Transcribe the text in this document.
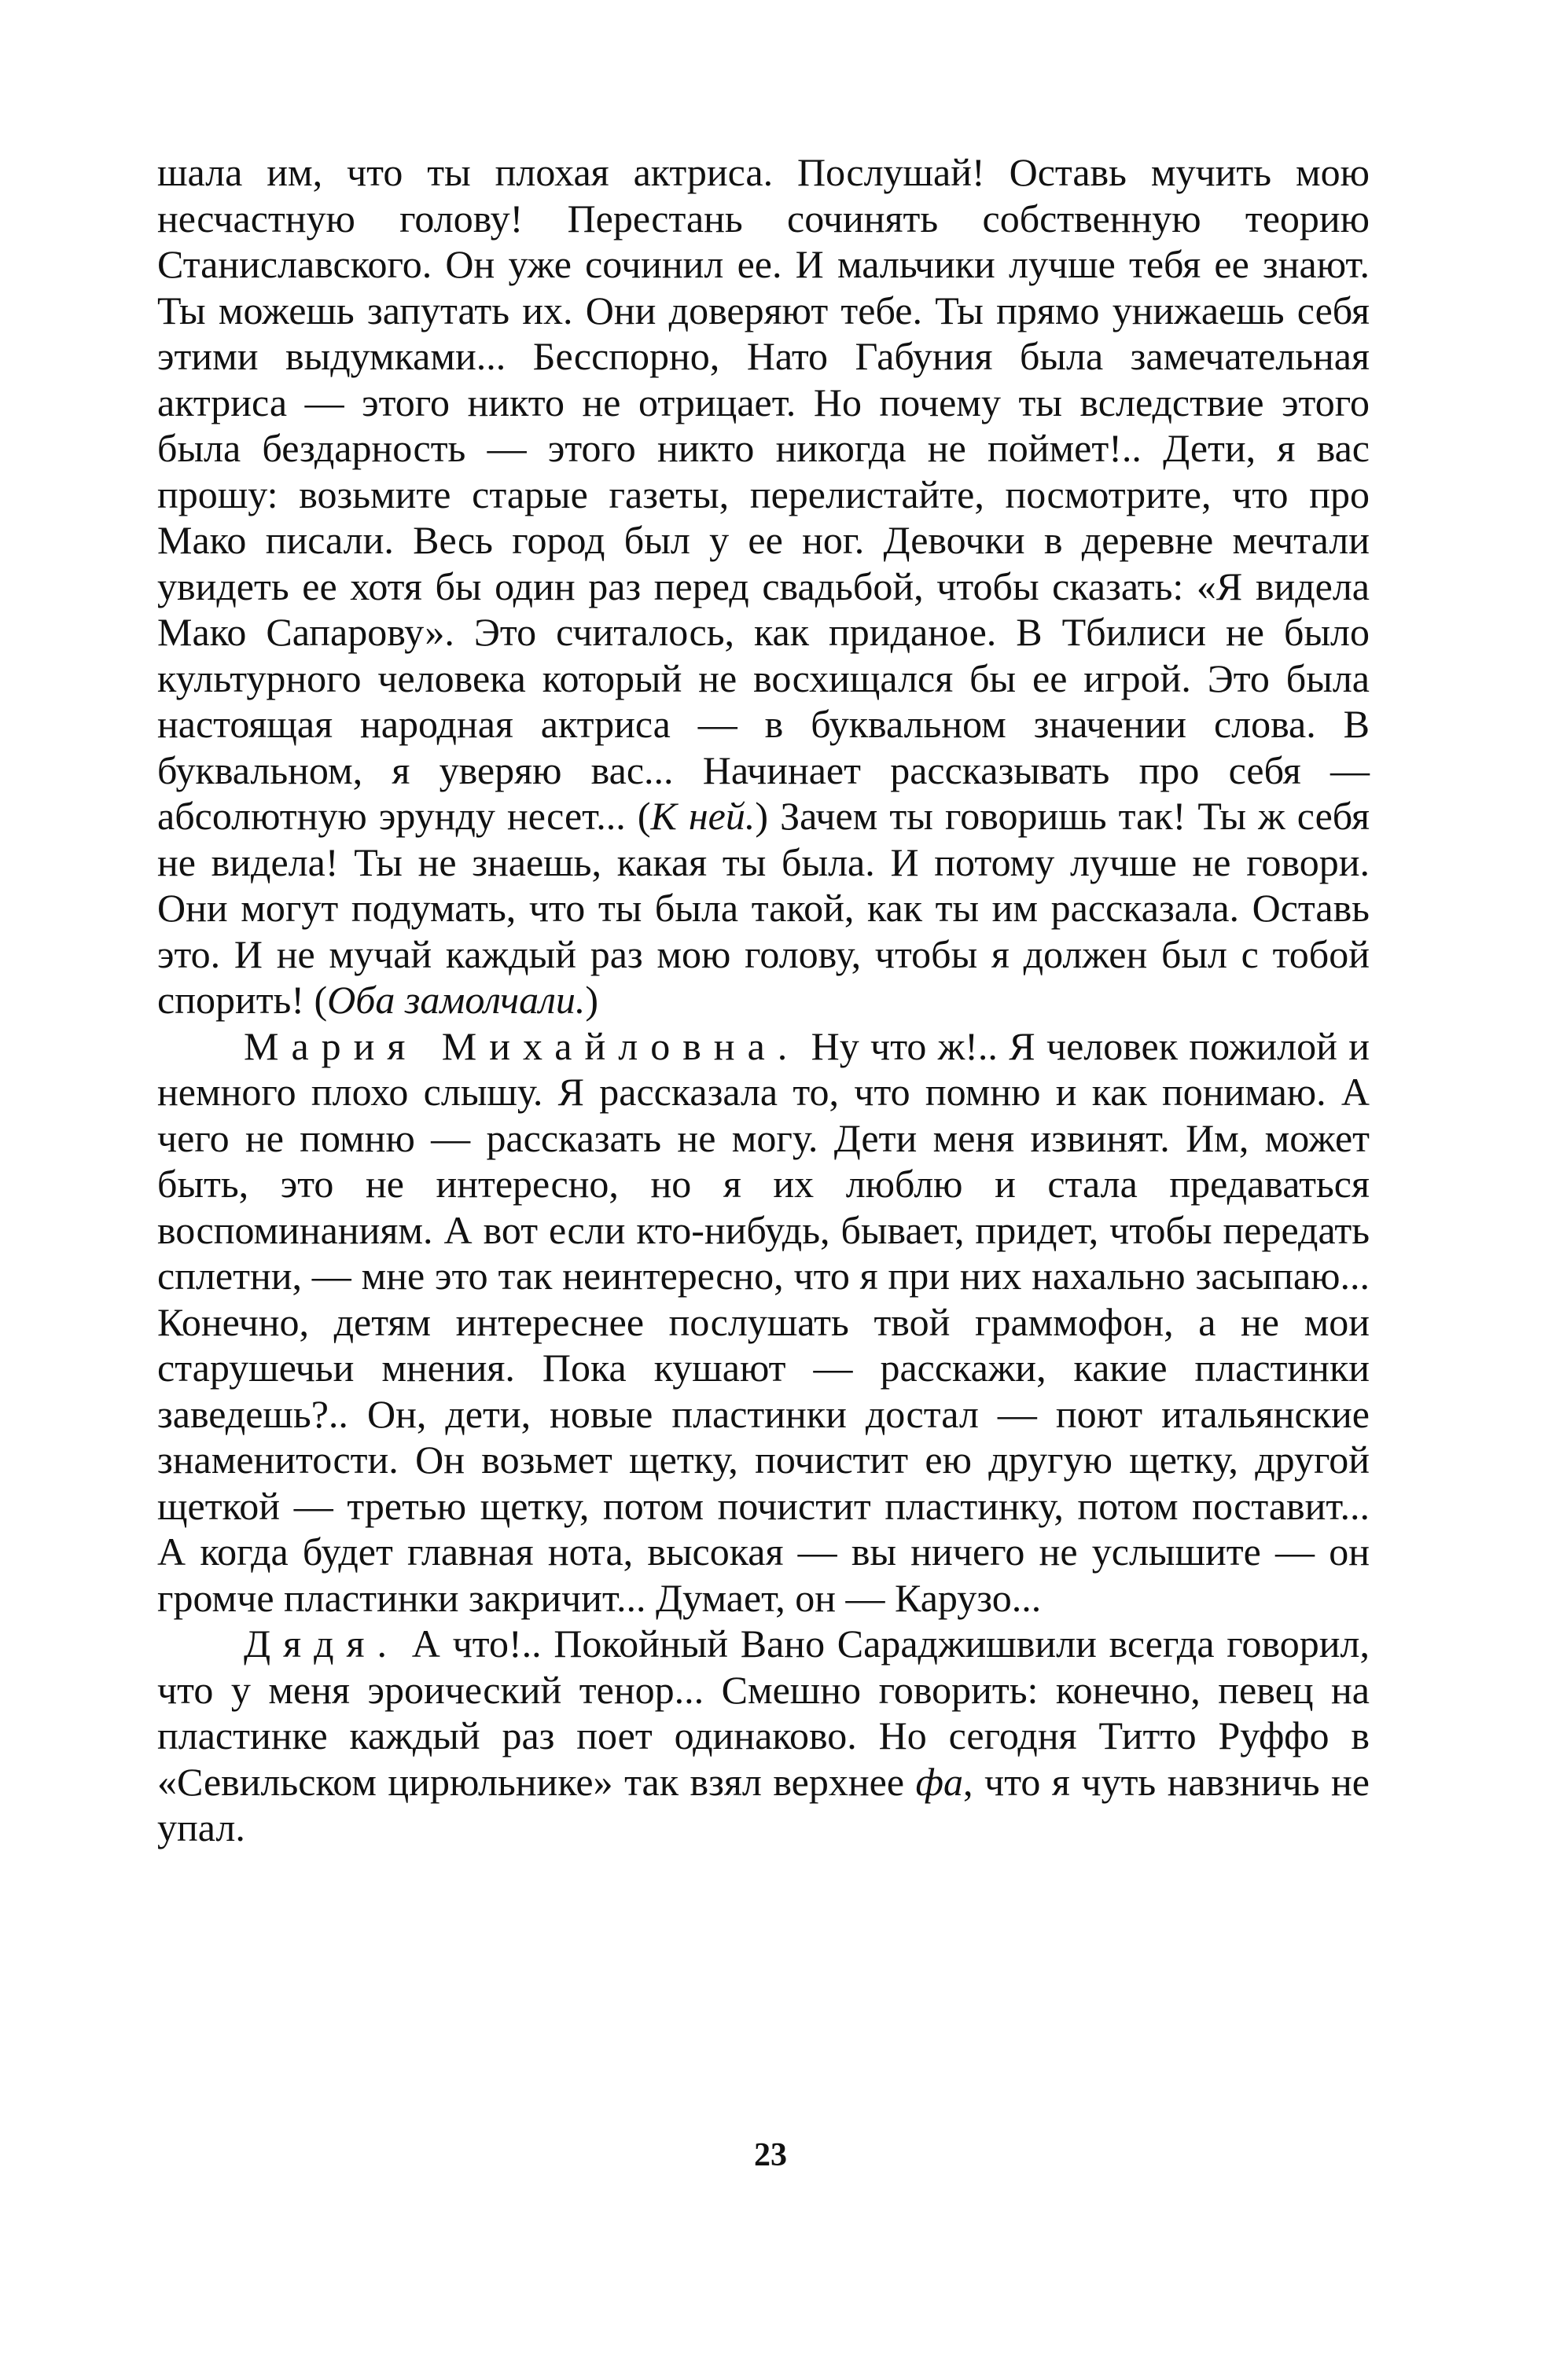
шала им, что ты плохая актриса. Послушай! Оставь мучить мою несчастную голову! Перестань сочинять собственную теорию Станиславского. Он уже сочинил ее. И мальчики лучше тебя ее знают. Ты можешь запутать их. Они доверяют тебе. Ты прямо унижаешь себя этими выдумками... Бесспорно, Нато Габуния была замечательная актриса — этого никто не отрицает. Но почему ты вследствие этого была бездарность — этого никто никогда не поймет!.. Дети, я вас прошу: возьмите старые газеты, перелистайте, посмотрите, что про Мако писали. Весь город был у ее ног. Девочки в деревне мечтали увидеть ее хотя бы один раз перед свадьбой, чтобы сказать: «Я видела Мако Сапарову». Это считалось, как приданое. В Тбилиси не было культурного человека который не восхищался бы ее игрой. Это была настоящая народная актриса — в буквальном значении слова. В буквальном, я уверяю вас... Начинает рассказывать про себя — абсолютную эрунду несет... (К ней.) Зачем ты говоришь так! Ты ж себя не видела! Ты не знаешь, какая ты была. И потому лучше не говори. Они могут подумать, что ты была такой, как ты им рассказала. Оставь это. И не мучай каждый раз мою голову, чтобы я должен был с тобой спорить! (Оба замолчали.)

Мария Михайловна. Ну что ж!.. Я человек пожилой и немного плохо слышу. Я рассказала то, что помню и как понимаю. А чего не помню — рассказать не могу. Дети меня извинят. Им, может быть, это не интересно, но я их люблю и стала предаваться воспоминаниям. А вот если кто-нибудь, бывает, придет, чтобы передать сплетни, — мне это так неинтересно, что я при них нахально засыпаю... Конечно, детям интереснее послушать твой граммофон, а не мои старушечьи мнения. Пока кушают — расскажи, какие пластинки заведешь?.. Он, дети, новые пластинки достал — поют итальянские знаменитости. Он возьмет щетку, почистит ею другую щетку, другой щеткой — третью щетку, потом почистит пластинку, потом поставит... А когда будет главная нота, высокая — вы ничего не услышите — он громче пластинки закричит... Думает, он — Карузо...

Дядя. А что!.. Покойный Вано Сараджишвили всегда говорил, что у меня эроический тенор... Смешно говорить: конечно, певец на пластинке каждый раз поет одинаково. Но сегодня Титто Руффо в «Севильском цирюльнике» так взял верхнее фа, что я чуть навзничь не упал.

23
